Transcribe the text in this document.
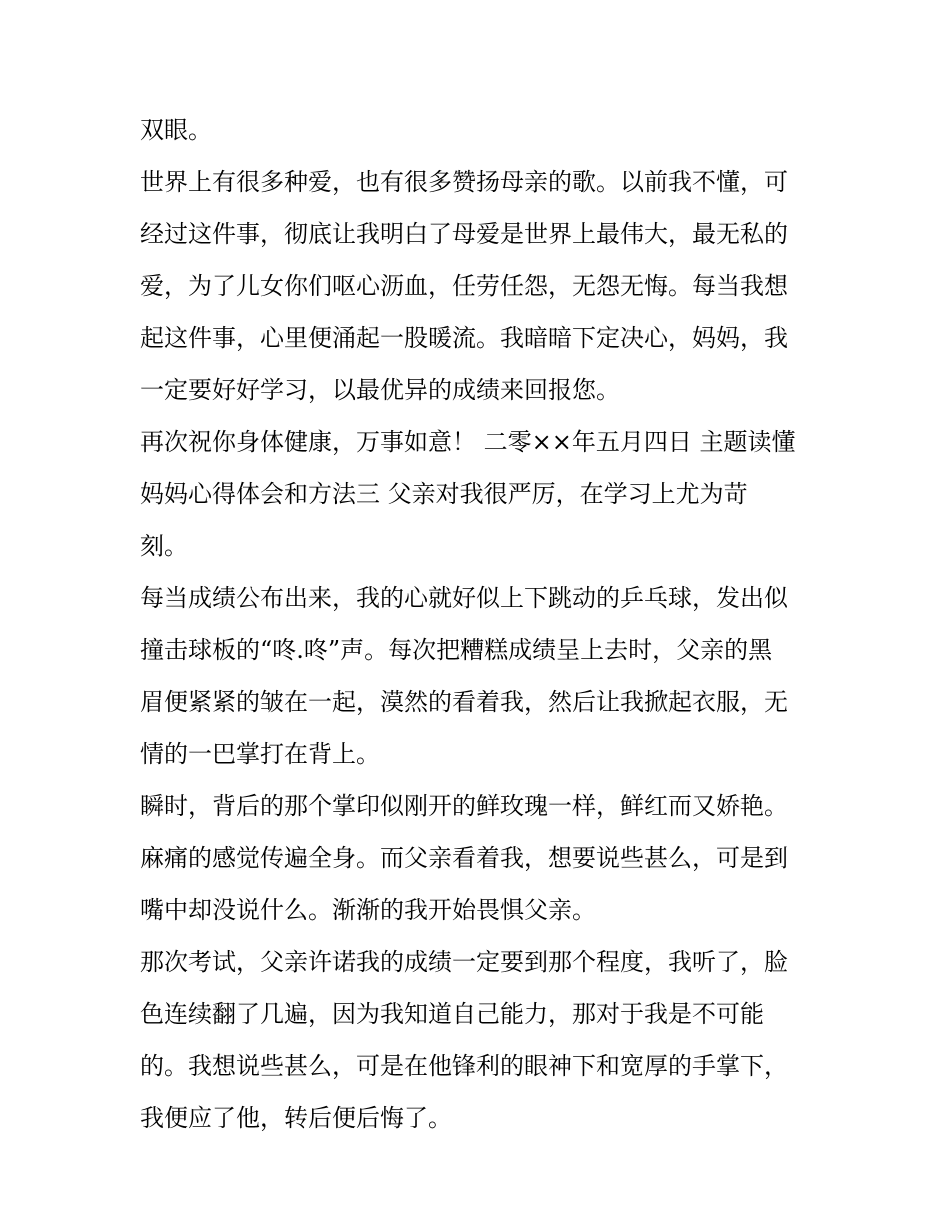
双眼。
世界上有很多种爱，也有很多赞扬母亲的歌。以前我不懂，可
经过这件事，彻底让我明白了母爱是世界上最伟大，最无私的
爱，为了儿女你们呕心沥血，任劳任怨，无怨无悔。每当我想
起这件事，心里便涌起一股暖流。我暗暗下定决心，妈妈，我
一定要好好学习，以最优异的成绩来回报您。
再次祝你身体健康，万事如意！ 二零××年五月四日 主题读懂
妈妈心得体会和方法三 父亲对我很严厉，在学习上尤为苛
刻。
每当成绩公布出来，我的心就好似上下跳动的乒乓球，发出似
撞击球板的“咚.咚”声。每次把糟糕成绩呈上去时，父亲的黑
眉便紧紧的皱在一起，漠然的看着我，然后让我掀起衣服，无
情的一巴掌打在背上。
瞬时，背后的那个掌印似刚开的鲜玫瑰一样，鲜红而又娇艳。
麻痛的感觉传遍全身。而父亲看着我，想要说些甚么，可是到
嘴中却没说什么。渐渐的我开始畏惧父亲。
那次考试，父亲许诺我的成绩一定要到那个程度，我听了，脸
色连续翻了几遍，因为我知道自己能力，那对于我是不可能
的。我想说些甚么，可是在他锋利的眼神下和宽厚的手掌下，
我便应了他，转后便后悔了。
